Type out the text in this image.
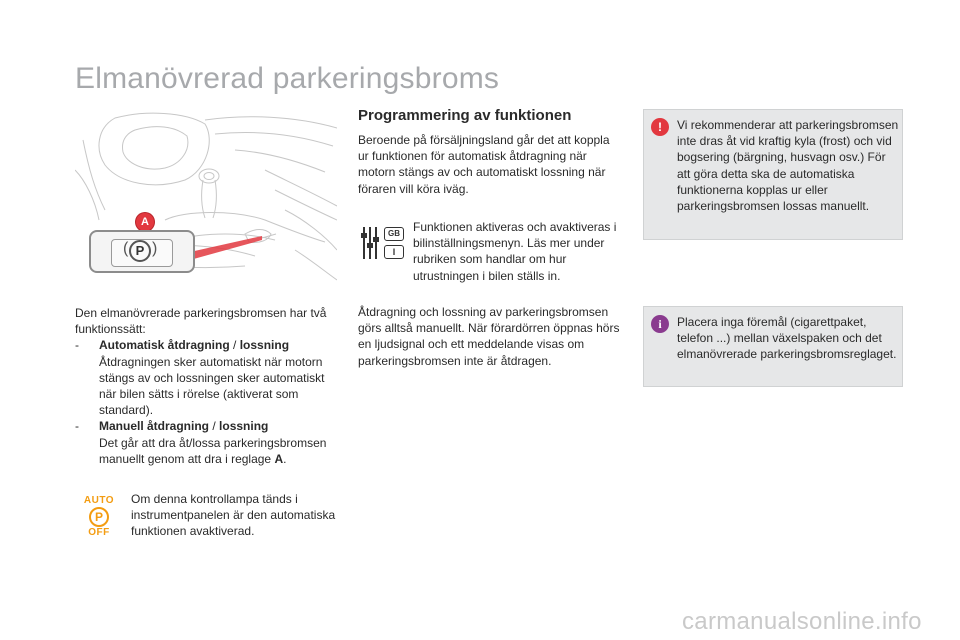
Elmanövrerad parkeringsbroms
A
P
( )
Den elmanövrerade parkeringsbromsen har två funktionssätt:
- Automatisk åtdragning / lossning
Åtdragningen sker automatiskt när motorn stängs av och lossningen sker automatiskt när bilen sätts i rörelse (aktiverat som standard).
- Manuell åtdragning / lossning
Det går att dra åt/lossa parkeringsbromsen manuellt genom att dra i reglage A.
AUTO
P
OFF
Om denna kontrollampa tänds i instrumentpanelen är den automatiska funktionen avaktiverad.
Programmering av funktionen
Beroende på försäljningsland går det att koppla ur funktionen för automatisk åtdragning när motorn stängs av och automatiskt lossning när föraren vill köra iväg.
GB
I
Funktionen aktiveras och avaktiveras i bilinställningsmenyn. Läs mer under rubriken som handlar om hur utrustningen i bilen ställs in.
Åtdragning och lossning av parkeringsbromsen görs alltså manuellt. När förardörren öppnas hörs en ljudsignal och ett meddelande visas om parkeringsbromsen inte är åtdragen.
!	Vi rekommenderar att parkeringsbromsen inte dras åt vid kraftig kyla (frost) och vid bogsering (bärgning, husvagn osv.) För att göra detta ska de automatiska funktionerna kopplas ur eller parkeringsbromsen lossas manuellt.
i	Placera inga föremål (cigarettpaket, telefon ...) mellan växelspaken och det elmanövrerade parkeringsbromsreglaget.
carmanualsonline.info
